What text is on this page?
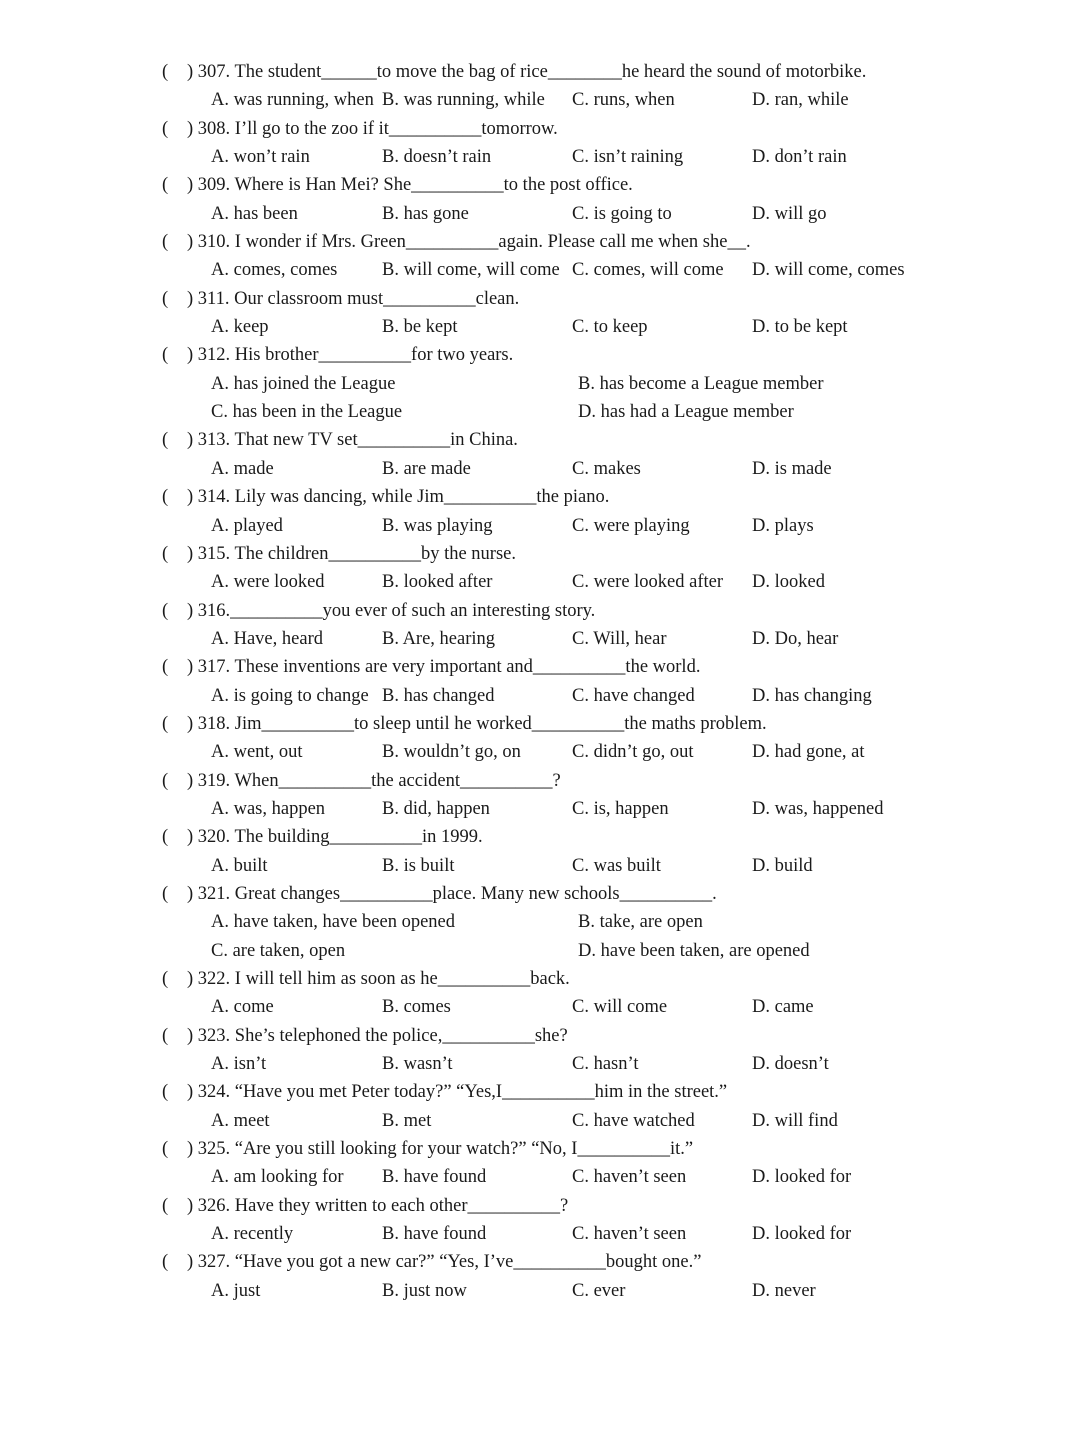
( ) 307. The student______to move the bag of rice________he heard the sound of motorbike.
A. was running, when B. was running, while C. runs, when	D. ran, while
( ) 308. I’ll go to the zoo if it__________tomorrow.
A. won’t rain	B. doesn’t rain	C. isn’t raining	D. don’t rain
( ) 309. Where is Han Mei? She__________to the post office.
A. has been	B. has gone	C. is going to	D. will go
( ) 310. I wonder if Mrs. Green__________again. Please call me when she__.
A. comes, comes B. will come, will come C. comes, will come D. will come, comes
( ) 311. Our classroom must__________clean.
A. keep	B. be kept	C. to keep	D. to be kept
( ) 312. His brother__________for two years.
A. has joined the League	B. has become a League member
C. has been in the League	D. has had a League member
( ) 313. That new TV set__________in China.
A. made	B. are made	C. makes	D. is made
( ) 314. Lily was dancing, while Jim__________the piano.
A. played	B. was playing	C. were playing	D. plays
( ) 315. The children__________by the nurse.
A. were looked	B. looked after	C. were looked after D. looked
( ) 316.__________you ever of such an interesting story.
A. Have, heard	B. Are, hearing	C. Will, hear	D. Do, hear
( ) 317. These inventions are very important and__________the world.
A. is going to change B. has changed	C. have changed	D. has changing
( ) 318. Jim__________to sleep until he worked__________the maths problem.
A. went, out	B. wouldn’t go, on	C. didn’t go, out	D. had gone, at
( ) 319. When__________the accident__________?
A. was, happen	B. did, happen	C. is, happen	D. was, happened
( ) 320. The building__________in 1999.
A. built	B. is built	C. was built	D. build
( ) 321. Great changes__________place. Many new schools__________.
A. have taken, have been opened	B. take, are open
C. are taken, open	D. have been taken, are opened
( ) 322. I will tell him as soon as he__________back.
A. come	B. comes	C. will come	D. came
( ) 323. She’s telephoned the police,__________she?
A. isn’t	B. wasn’t	C. hasn’t	D. doesn’t
( ) 324. “Have you met Peter today?” “Yes,I__________him in the street.”
A. meet	B. met	C. have watched	D. will find
( ) 325. “Are you still looking for your watch?” “No, I__________it.”
A. am looking for B. have found	C. haven’t seen	D. looked for
( ) 326. Have they written to each other__________?
A. recently	B. have found	C. haven’t seen	D. looked for
( ) 327. “Have you got a new car?” “Yes, I’ve__________bought one.”
A. just	B. just now	C. ever	D. never
